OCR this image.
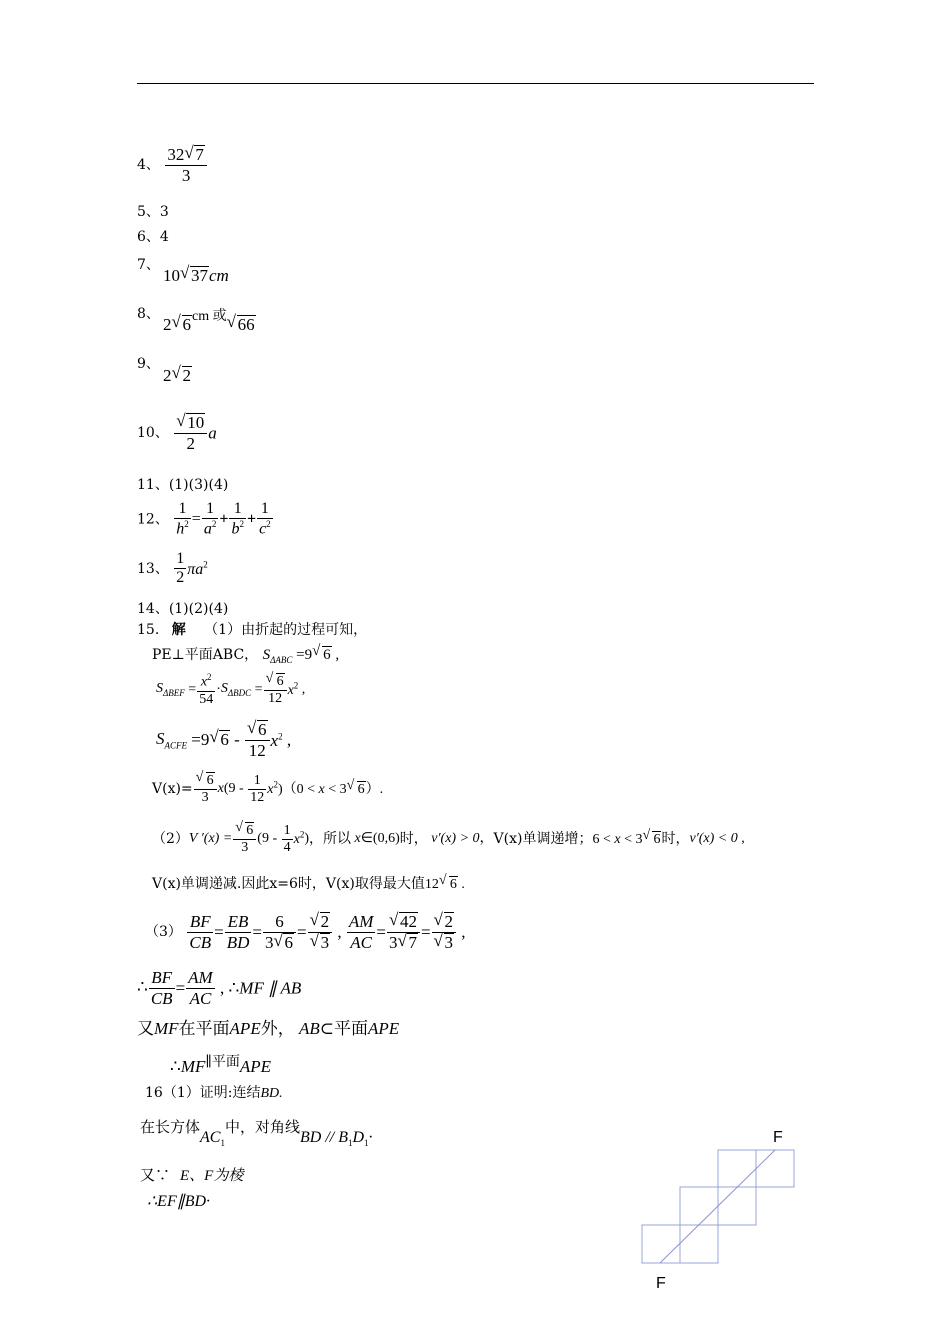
4、 $\frac{32 √ 7}{3}$
5、3
6、4
7、
10 √ 37cm
8、
2 √ 6cm 或 √ 66
9、
2 √ 2
10、 $\frac{√ 10}{2}$ a
11、(1)(3)(4)
12、 $\frac{1}{h^2} = \frac{1}{a^2} + \frac{1}{b^2} + \frac{1}{c^2}$
13、 $\frac{1}{2} \pi a^2$
14、(1)(2)(4)
15. 解 （1）由折起的过程可知，
PE⊥平面ABC， $S_{\Delta ABC} =9$ √ 6 ,
$S_{\Delta BEF} = \frac{x^2}{54} \cdot S_{\Delta BDC} = \frac{√ 6}{12} x^2$ ,
$S_{ACFE} =9$ √ $6 - \frac{√ 6}{12} x^2$ ,
$V(x)= \frac{√ 6}{3} x(9 - \frac{1}{12} x^2)(0 < x < 3$ √ 6）.
（2）V $'(x) = \frac{√ 6}{3} (9 - \frac{1}{4} x^2)$，所以 x∈(0,6)时， v′(x) > 0，V(x)单调递增；6 < x < 3 √ 6时，v′(x) < 0 ,
V(x)单调递减.因此x=6时，V(x)取得最大值12 √ 6 .
$(3) \frac{BF}{CB} = \frac{EB}{BD} = \frac{6}{3 √ 6} = \frac{√ 2}{√ 3}$ , $\frac{AM}{AC} = \frac{√ 42}{3 √ 7} = \frac{√ 2}{√ 3}$ ,
∴ $\frac{BF}{CB} = \frac{AM}{AC}$ , ∴MF ∥ AB
又MF在平面APE外， AB⊂平面APE
$\therefore MF^{\parallel 平面}APE$
16（1）证明:连结BD.
在长方体$AC_1$中，对角线BD // $B_1D_1\cdot$
又∵ E、F为棱
∴EF∥BD·
F
F
